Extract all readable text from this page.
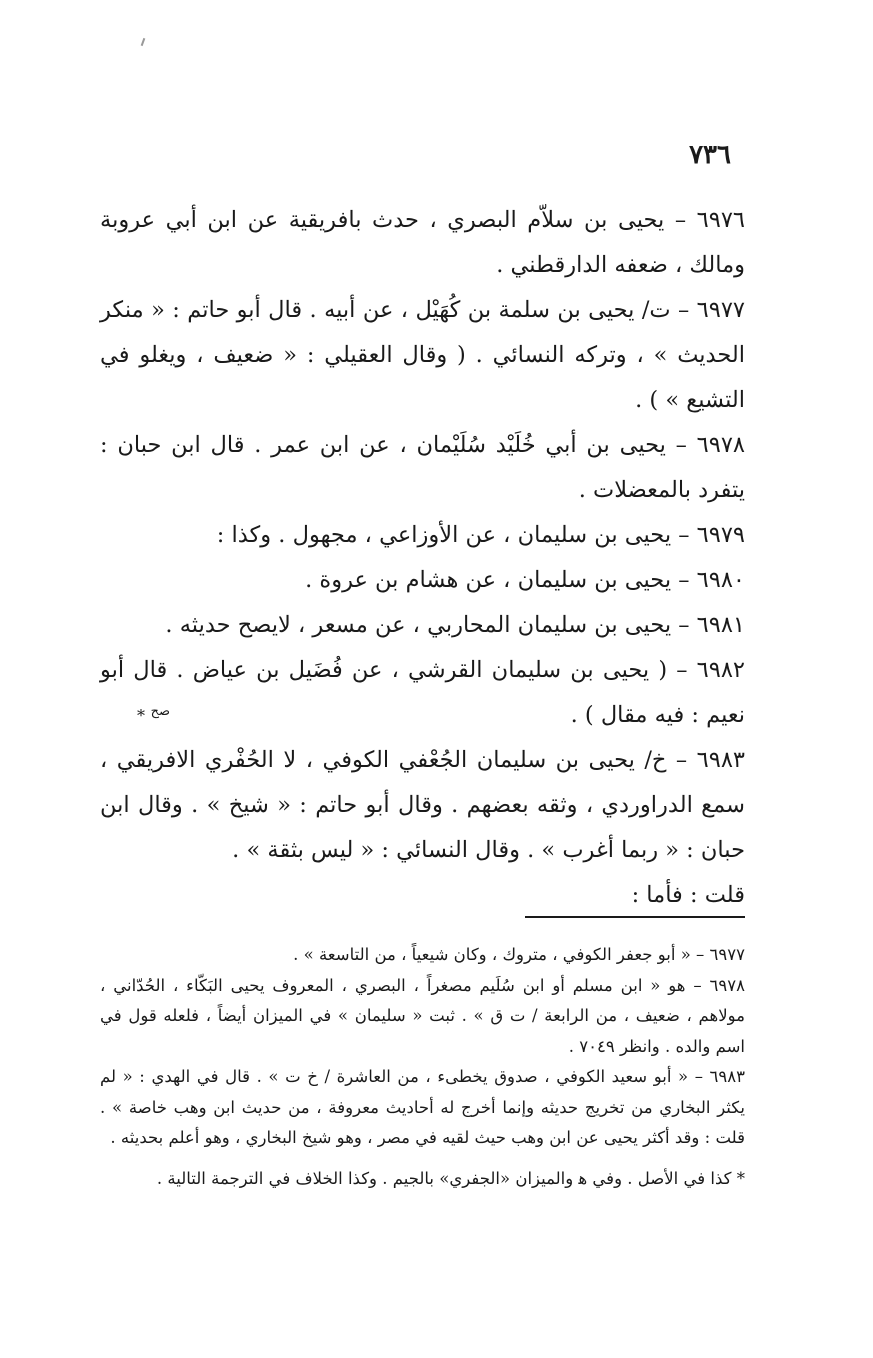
٧٣٦

٦٩٧٦ – يحيى بن سلاّم البصري ، حدث بافريقية عن ابن أبي عروبة ومالك ، ضعفه الدارقطني .

٦٩٧٧ – ت/ يحيى بن سلمة بن كُهَيْل ، عن أبيه . قال أبو حاتم : « منكر الحديث » ، وتركه النسائي . ( وقال العقيلي : « ضعيف ، ويغلو في التشيع » ) .

٦٩٧٨ – يحيى بن أبي خُلَيْد سُلَيْمان ، عن ابن عمر . قال ابن حبان : يتفرد بالمعضلات .

٦٩٧٩ – يحيى بن سليمان ، عن الأوزاعي ، مجهول . وكذا :

٦٩٨٠ – يحيى بن سليمان ، عن هشام بن عروة .

٦٩٨١ – يحيى بن سليمان المحاربي ، عن مسعر ، لايصح حديثه .

٦٩٨٢ – ( يحيى بن سليمان القرشي ، عن فُضَيل بن عياض . قال أبو نعيم : فيه مقال ) .

٦٩٨٣ – خ/ يحيى بن سليمان الجُعْفي الكوفي ، لا الحُفْري الافريقي ، سمع الدراوردي ، وثقه بعضهم . وقال أبو حاتم : « شيخ » . وقال ابن حبان : « ربما أغرب » . وقال النسائي : « ليس بثقة » .

قلت : فأما :

صح
*

٦٩٧٧ – « أبو جعفر الكوفي ، متروك ، وكان شيعياً ، من التاسعة » .

٦٩٧٨ – هو « ابن مسلم أو ابن سُلَيم مصغراً ، البصري ، المعروف يحيى البَكّاء ، الحُدّاني ، مولاهم ، ضعيف ، من الرابعة / ت ق » . ثبت « سليمان » في الميزان أيضاً ، فلعله قول في اسم والده . وانظر ٧٠٤٩ .

٦٩٨٣ – « أبو سعيد الكوفي ، صدوق يخطىء ، من العاشرة / خ ت » . قال في الهدي : « لم يكثر البخاري من تخريج حديثه وإنما أخرج له أحاديث معروفة ، من حديث ابن وهب خاصة » . قلت : وقد أكثر يحيى عن ابن وهب حيث لقيه في مصر ، وهو شيخ البخاري ، وهو أعلم بحديثه .

* كذا في الأصل . وفي ﻫ والميزان «الجفري» بالجيم . وكذا الخلاف في الترجمة التالية .
